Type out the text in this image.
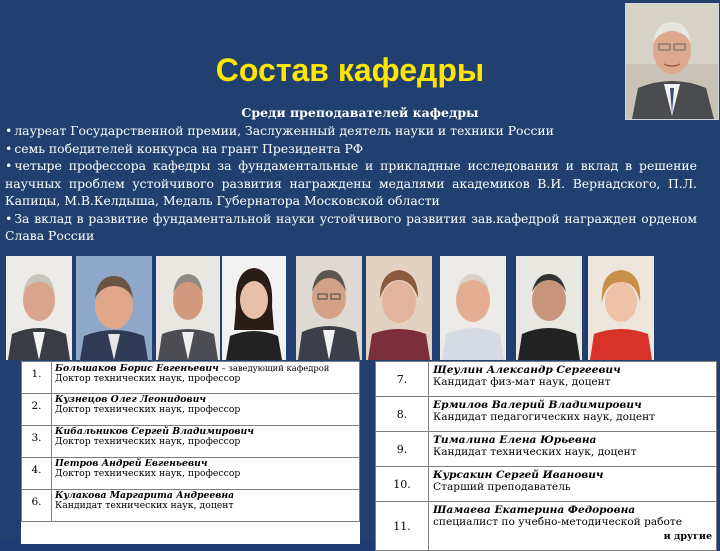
Состав кафедры
Среди преподавателей кафедры

• лауреат Государственной премии, Заслуженный деятель науки и техники России

• семь победителей конкурса на грант Президента РФ

• четыре профессора кафедры за фундаментальные и прикладные исследования и вклад в решение научных проблем устойчивого развития награждены медалями академиков В.И. Вернадского, П.Л. Капицы, М.В.Келдыша, Медаль Губернатора Московской области

• За вклад в развитие фундаментальной науки устойчивого развития зав.кафедрой награжден орденом Слава России

1.	Большаков Борис Евгеньевич – заведующий кафедрой
Доктор технических наук, профессор

2.	Кузнецов Олег Леонидович
Доктор технических наук, профессор
3.	Кибальников Сергей Владимирович
Доктор технических наук, профессор
4.	Петров Андрей Евгеньевич
Доктор технических наук, профессор
6.	Кулакова Маргарита Андреевна
Кандидат технических наук, доцент

7.	Щеулин Александр Сергеевич
Кандидат физ-мат наук, доцент
8.	Ермилов Валерий Владимирович
Кандидат педагогических наук, доцент
9.	Тималина Елена Юрьевна
Кандидат технических наук, доцент
10.	Курсакин Сергей Иванович
Старший преподаватель
11.	Шамаева Екатерина Федоровна
специалист по учебно-методической работе
и другие
